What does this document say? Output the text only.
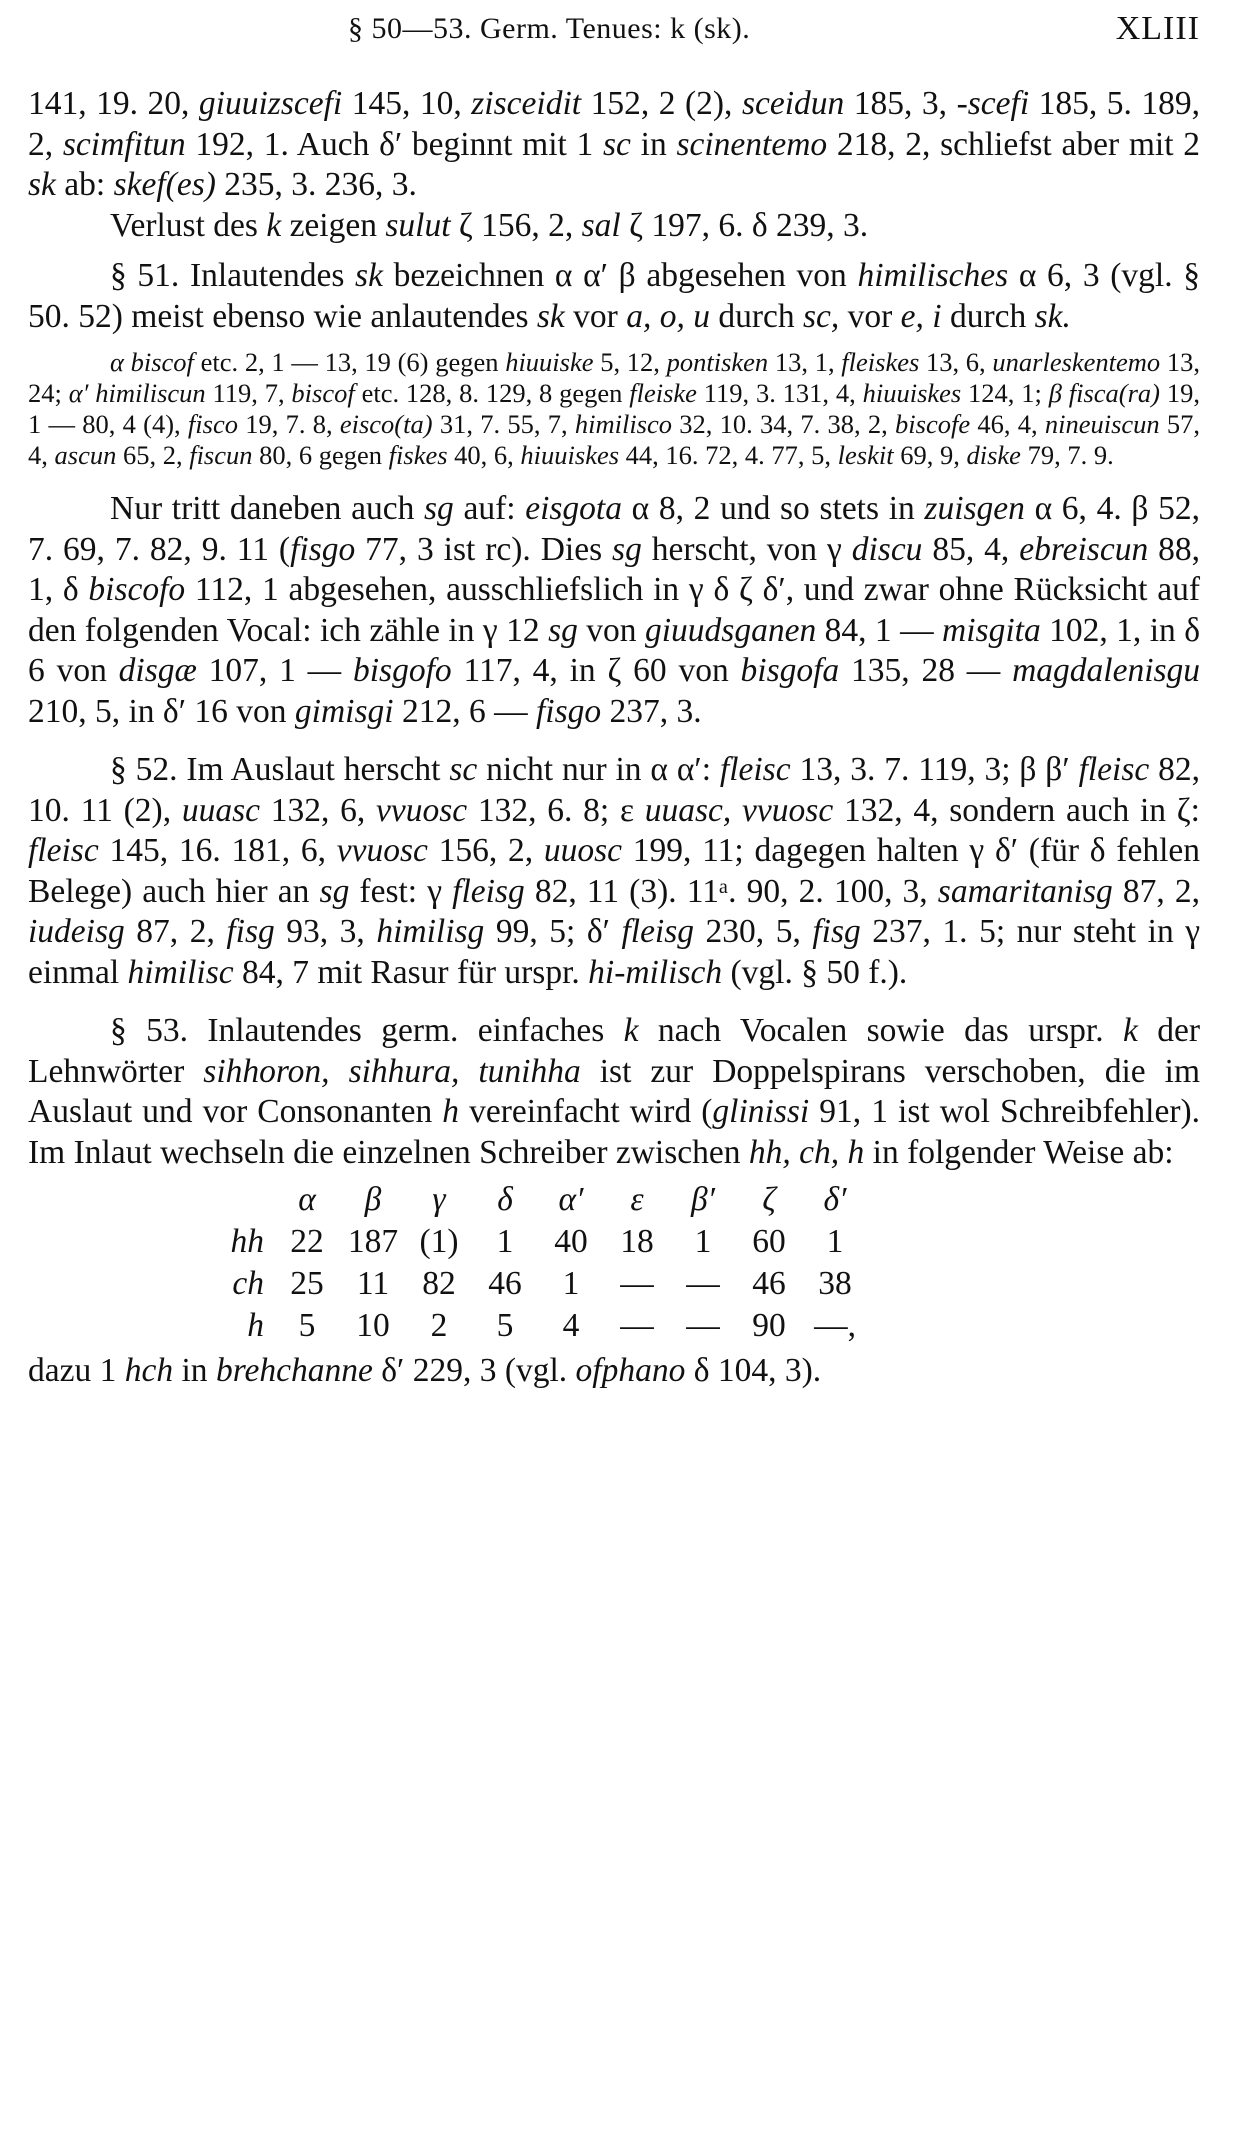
§ 50—53. Germ. Tenues: k (sk).	XLIII

141, 19. 20, giuuizscefi 145, 10, zisceidit 152, 2 (2), sceidun 185, 3, -scefi 185, 5. 189, 2, scimfitun 192, 1. Auch δ′ beginnt mit 1 sc in scinentemo 218, 2, schliefst aber mit 2 sk ab: skef(es) 235, 3. 236, 3.

Verlust des k zeigen sulut ζ 156, 2, sal ζ 197, 6. δ 239, 3.

§ 51. Inlautendes sk bezeichnen α α′ β abgesehen von himilisches α 6, 3 (vgl. § 50. 52) meist ebenso wie anlautendes sk vor a, o, u durch sc, vor e, i durch sk.

α biscof etc. 2, 1 — 13, 19 (6) gegen hiuuiske 5, 12, pontisken 13, 1, fleiskes 13, 6, unarleskentemo 13, 24; α′ himiliscun 119, 7, biscof etc. 128, 8. 129, 8 gegen fleiske 119, 3. 131, 4, hiuuiskes 124, 1; β fisca(ra) 19, 1 — 80, 4 (4), fisco 19, 7. 8, eisco(ta) 31, 7. 55, 7, himilisco 32, 10. 34, 7. 38, 2, biscofe 46, 4, nineuiscun 57, 4, ascun 65, 2, fiscun 80, 6 gegen fiskes 40, 6, hiuuiskes 44, 16. 72, 4. 77, 5, leskit 69, 9, diske 79, 7. 9.

Nur tritt daneben auch sg auf: eisgota α 8, 2 und so stets in zuisgen α 6, 4. β 52, 7. 69, 7. 82, 9. 11 (fisgo 77, 3 ist rc). Dies sg herscht, von γ discu 85, 4, ebreiscun 88, 1, δ biscofo 112, 1 abgesehen, ausschliefslich in γ δ ζ δ′, und zwar ohne Rücksicht auf den folgenden Vocal: ich zähle in γ 12 sg von giuudsganen 84, 1 — misgita 102, 1, in δ 6 von disgæ 107, 1 — bisgofo 117, 4, in ζ 60 von bisgofa 135, 28 — magdalenisgu 210, 5, in δ′ 16 von gimisgi 212, 6 — fisgo 237, 3.

§ 52. Im Auslaut herscht sc nicht nur in α α′: fleisc 13, 3. 7. 119, 3; β β′ fleisc 82, 10. 11 (2), uuasc 132, 6, vvuosc 132, 6. 8; ε uuasc, vvuosc 132, 4, sondern auch in ζ: fleisc 145, 16. 181, 6, vvuosc 156, 2, uuosc 199, 11; dagegen halten γ δ′ (für δ fehlen Belege) auch hier an sg fest: γ fleisg 82, 11 (3). 11ᵃ. 90, 2. 100, 3, samaritanisg 87, 2, iudeisg 87, 2, fisg 93, 3, himilisg 99, 5; δ′ fleisg 230, 5, fisg 237, 1. 5; nur steht in γ einmal himilisc 84, 7 mit Rasur für urspr. hi-milisch (vgl. § 50 f.).

§ 53. Inlautendes germ. einfaches k nach Vocalen sowie das urspr. k der Lehnwörter sihhoron, sihhura, tunihha ist zur Doppelspirans verschoben, die im Auslaut und vor Consonanten h vereinfacht wird (glinissi 91, 1 ist wol Schreibfehler). Im Inlaut wechseln die einzelnen Schreiber zwischen hh, ch, h in folgender Weise ab:

α	β	γ	δ	α′	ε	β′	ζ	δ′
hh 22 187 (1)	1	40 18	1	60	1
ch 25 11 82 46	1	— — 46 38
h	5	10	2	5	4	— — 90 —,

dazu 1 hch in brehchanne δ′ 229, 3 (vgl. ofphano δ 104, 3).
